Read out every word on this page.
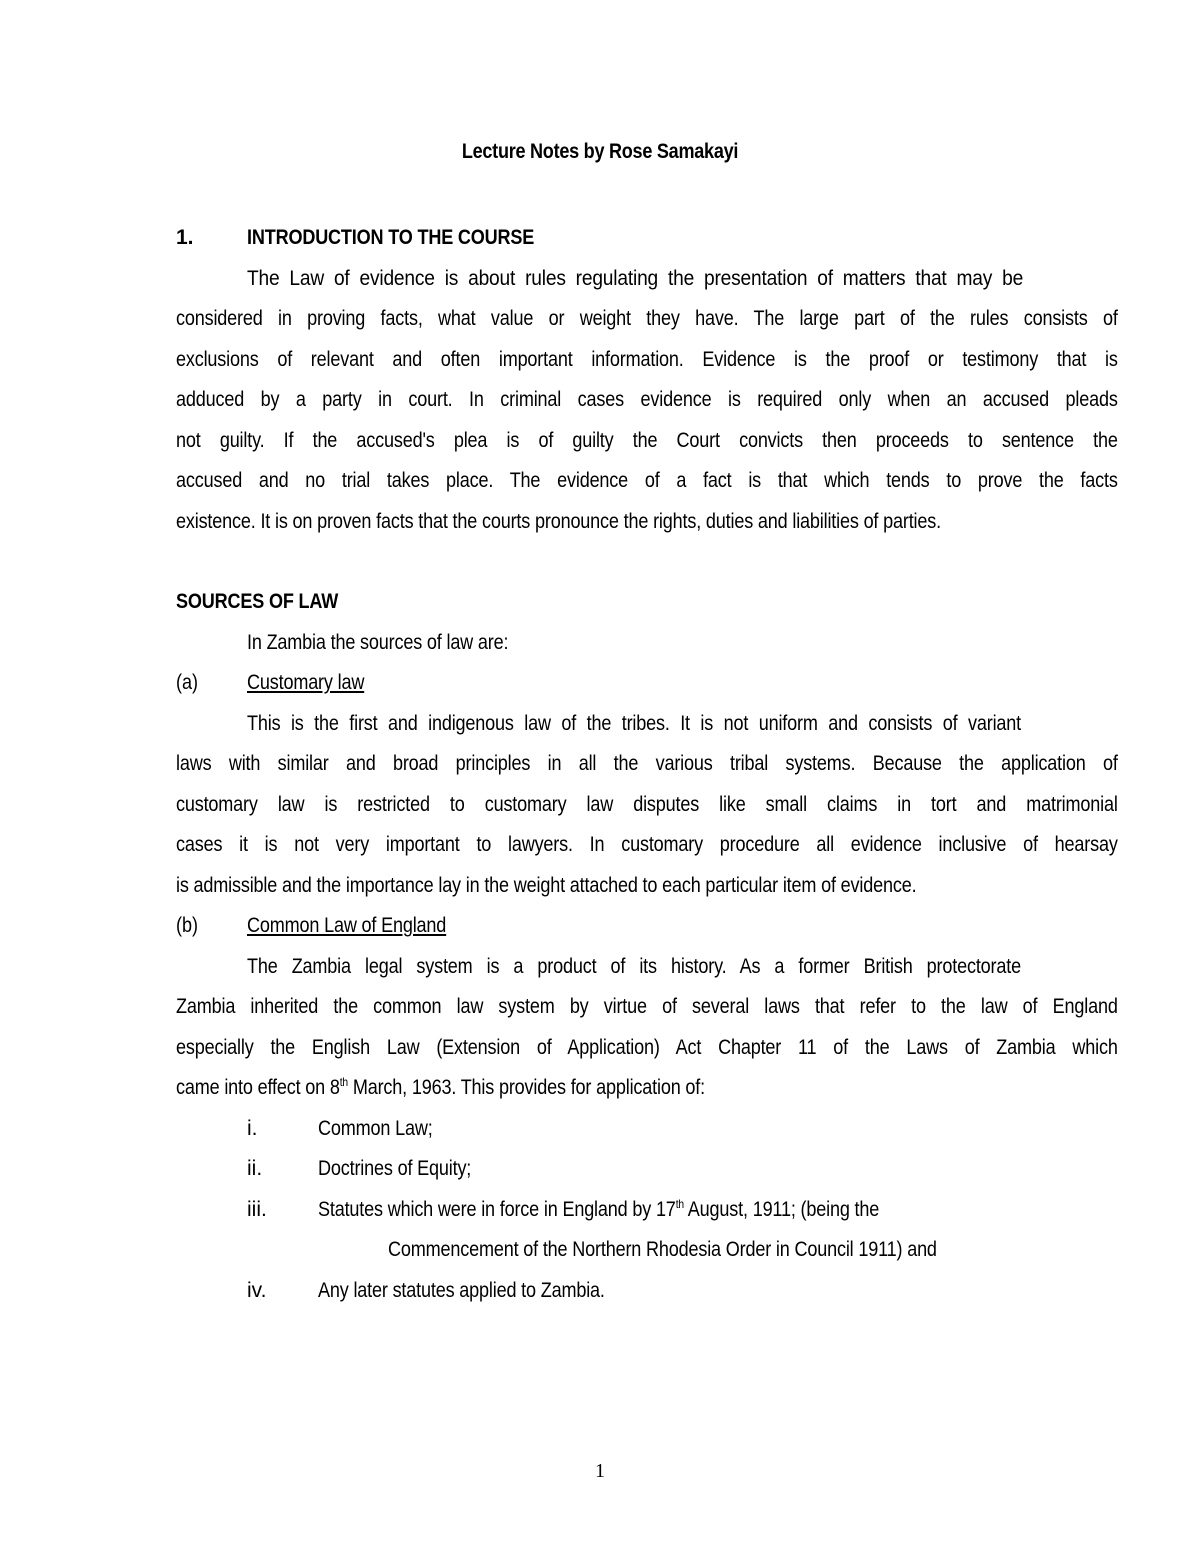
Lecture Notes by Rose Samakayi
1.	INTRODUCTION TO THE COURSE
The Law of evidence is about rules regulating the presentation of matters that may be
considered in proving facts, what value or weight they have. The large part of the rules consists of
exclusions of relevant and often important information. Evidence is the proof or testimony that is
adduced by a party in court. In criminal cases evidence is required only when an accused pleads
not guilty. If the accused's plea is of guilty the Court convicts then proceeds to sentence the
accused and no trial takes place. The evidence of a fact is that which tends to prove the facts
existence. It is on proven facts that the courts pronounce the rights, duties and liabilities of parties.
SOURCES OF LAW
In Zambia the sources of law are:
(a) Customary law
This is the first and indigenous law of the tribes. It is not uniform and consists of variant
laws with similar and broad principles in all the various tribal systems. Because the application of
customary law is restricted to customary law disputes like small claims in tort and matrimonial
cases it is not very important to lawyers. In customary procedure all evidence inclusive of hearsay
is admissible and the importance lay in the weight attached to each particular item of evidence.
(b) Common Law of England
The Zambia legal system is a product of its history. As a former British protectorate
Zambia inherited the common law system by virtue of several laws that refer to the law of England
especially the English Law (Extension of Application) Act Chapter 11 of the Laws of Zambia which
came into effect on 8th March, 1963. This provides for application of:
i.	Common Law;
ii.	Doctrines of Equity;
iii. Statutes which were in force in England by 17th August, 1911; (being the
Commencement of the Northern Rhodesia Order in Council 1911) and
iv. Any later statutes applied to Zambia.
1
